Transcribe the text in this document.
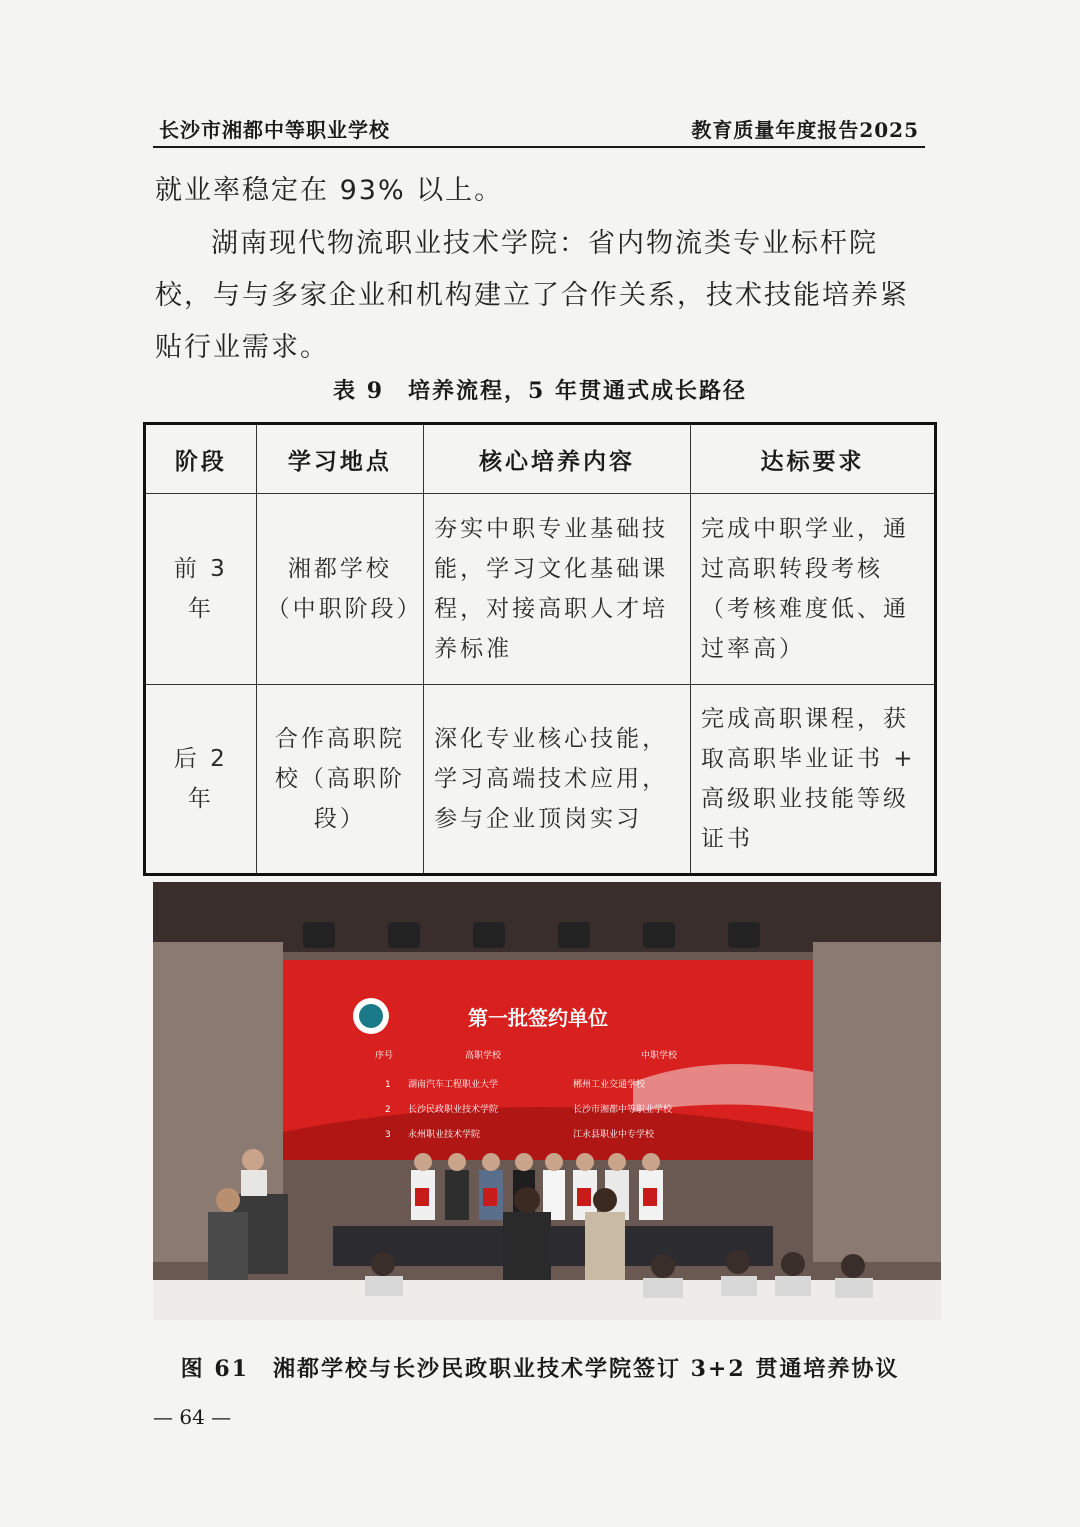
长沙市湘都中等职业学校	教育质量年度报告2025
就业率稳定在 93% 以上。
湖南现代物流职业技术学院：省内物流类专业标杆院校，与与多家企业和机构建立了合作关系，技术技能培养紧贴行业需求。
表 9　培养流程，5 年贯通式成长路径
阶段	学习地点	核心培养内容	达标要求
前 3 年	湘都学校（中职阶段）	夯实中职专业基础技能，学习文化基础课程，对接高职人才培养标准	完成中职学业，通过高职转段考核（考核难度低、通过率高）
后 2 年	合作高职院校（高职阶段）	深化专业核心技能，学习高端技术应用，参与企业顶岗实习	完成高职课程，获取高职毕业证书 + 高级职业技能等级证书
第一批签约单位
序号	高职学校	中职学校
1 湖南汽车工程职业大学	郴州工业交通学校
2 长沙民政职业技术学院	长沙市湘都中等职业学校
3 永州职业技术学院	江永县职业中专学校
图 61　湘都学校与长沙民政职业技术学院签订 3+2 贯通培养协议
— 64 —
